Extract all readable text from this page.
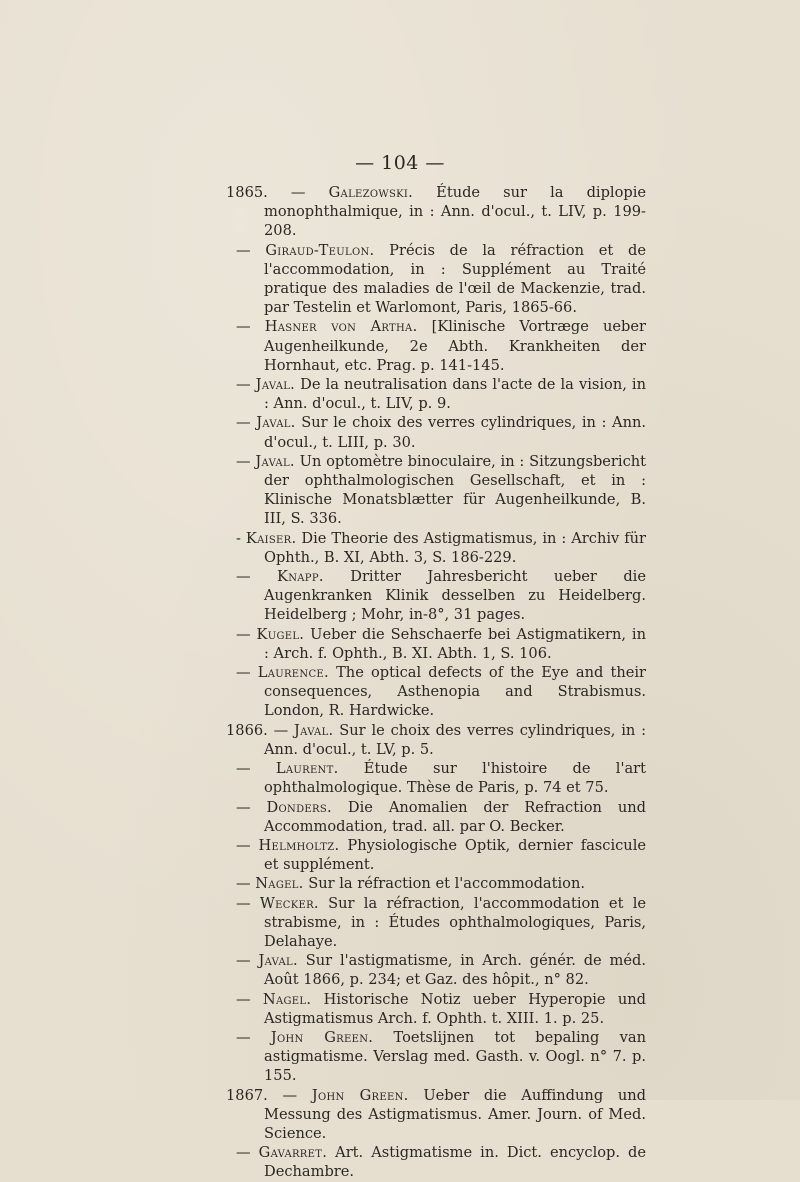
— 104 —

1865. — Galezowski. Étude sur la diplopie monophthalmique, in : Ann. d'ocul., t. LIV, p. 199-208.

— Giraud-Teulon. Précis de la réfraction et de l'accommodation, in : Supplément au Traité pratique des maladies de l'œil de Mackenzie, trad. par Testelin et Warlomont, Paris, 1865-66.

— Hasner von Artha. [Klinische Vortræge ueber Augenheilkunde, 2e Abth. Krankheiten der Hornhaut, etc. Prag. p. 141-145.

— Javal. De la neutralisation dans l'acte de la vision, in : Ann. d'ocul., t. LIV, p. 9.

— Javal. Sur le choix des verres cylindriques, in : Ann. d'ocul., t. LIII, p. 30.

— Javal. Un optomètre binoculaire, in : Sitzungsbericht der ophthalmologischen Gesellschaft, et in : Klinische Monatsblætter für Augenheilkunde, B. III, S. 336.

- Kaiser. Die Theorie des Astigmatismus, in : Archiv für Ophth., B. XI, Abth. 3, S. 186-229.

— Knapp. Dritter Jahresbericht ueber die Augenkranken Klinik desselben zu Heidelberg. Heidelberg ; Mohr, in-8°, 31 pages.

— Kugel. Ueber die Sehschaerfe bei Astigmatikern, in : Arch. f. Ophth., B. XI. Abth. 1, S. 106.

— Laurence. The optical defects of the Eye and their consequences, Asthenopia and Strabismus. London, R. Hardwicke.

1866. — Javal. Sur le choix des verres cylindriques, in : Ann. d'ocul., t. LV, p. 5.

— Laurent. Étude sur l'histoire de l'art ophthalmologique. Thèse de Paris, p. 74 et 75.

— Donders. Die Anomalien der Refraction und Accommodation, trad. all. par O. Becker.

— Helmholtz. Physiologische Optik, dernier fascicule et supplément.

— Nagel. Sur la réfraction et l'accommodation.

— Wecker. Sur la réfraction, l'accommodation et le strabisme, in : Études ophthalmologiques, Paris, Delahaye.

— Javal. Sur l'astigmatisme, in Arch. génér. de méd. Août 1866, p. 234; et Gaz. des hôpit., n° 82.

— Nagel. Historische Notiz ueber Hyperopie und Astigmatismus Arch. f. Ophth. t. XIII. 1. p. 25.

— John Green. Toetslijnen tot bepaling van astigmatisme. Verslag med. Gasth. v. Oogl. n° 7. p. 155.

1867. — John Green. Ueber die Auffindung und Messung des Astigmatismus. Amer. Journ. of Med. Science.

— Gavarret. Art. Astigmatisme in. Dict. encyclop. de Dechambre.
